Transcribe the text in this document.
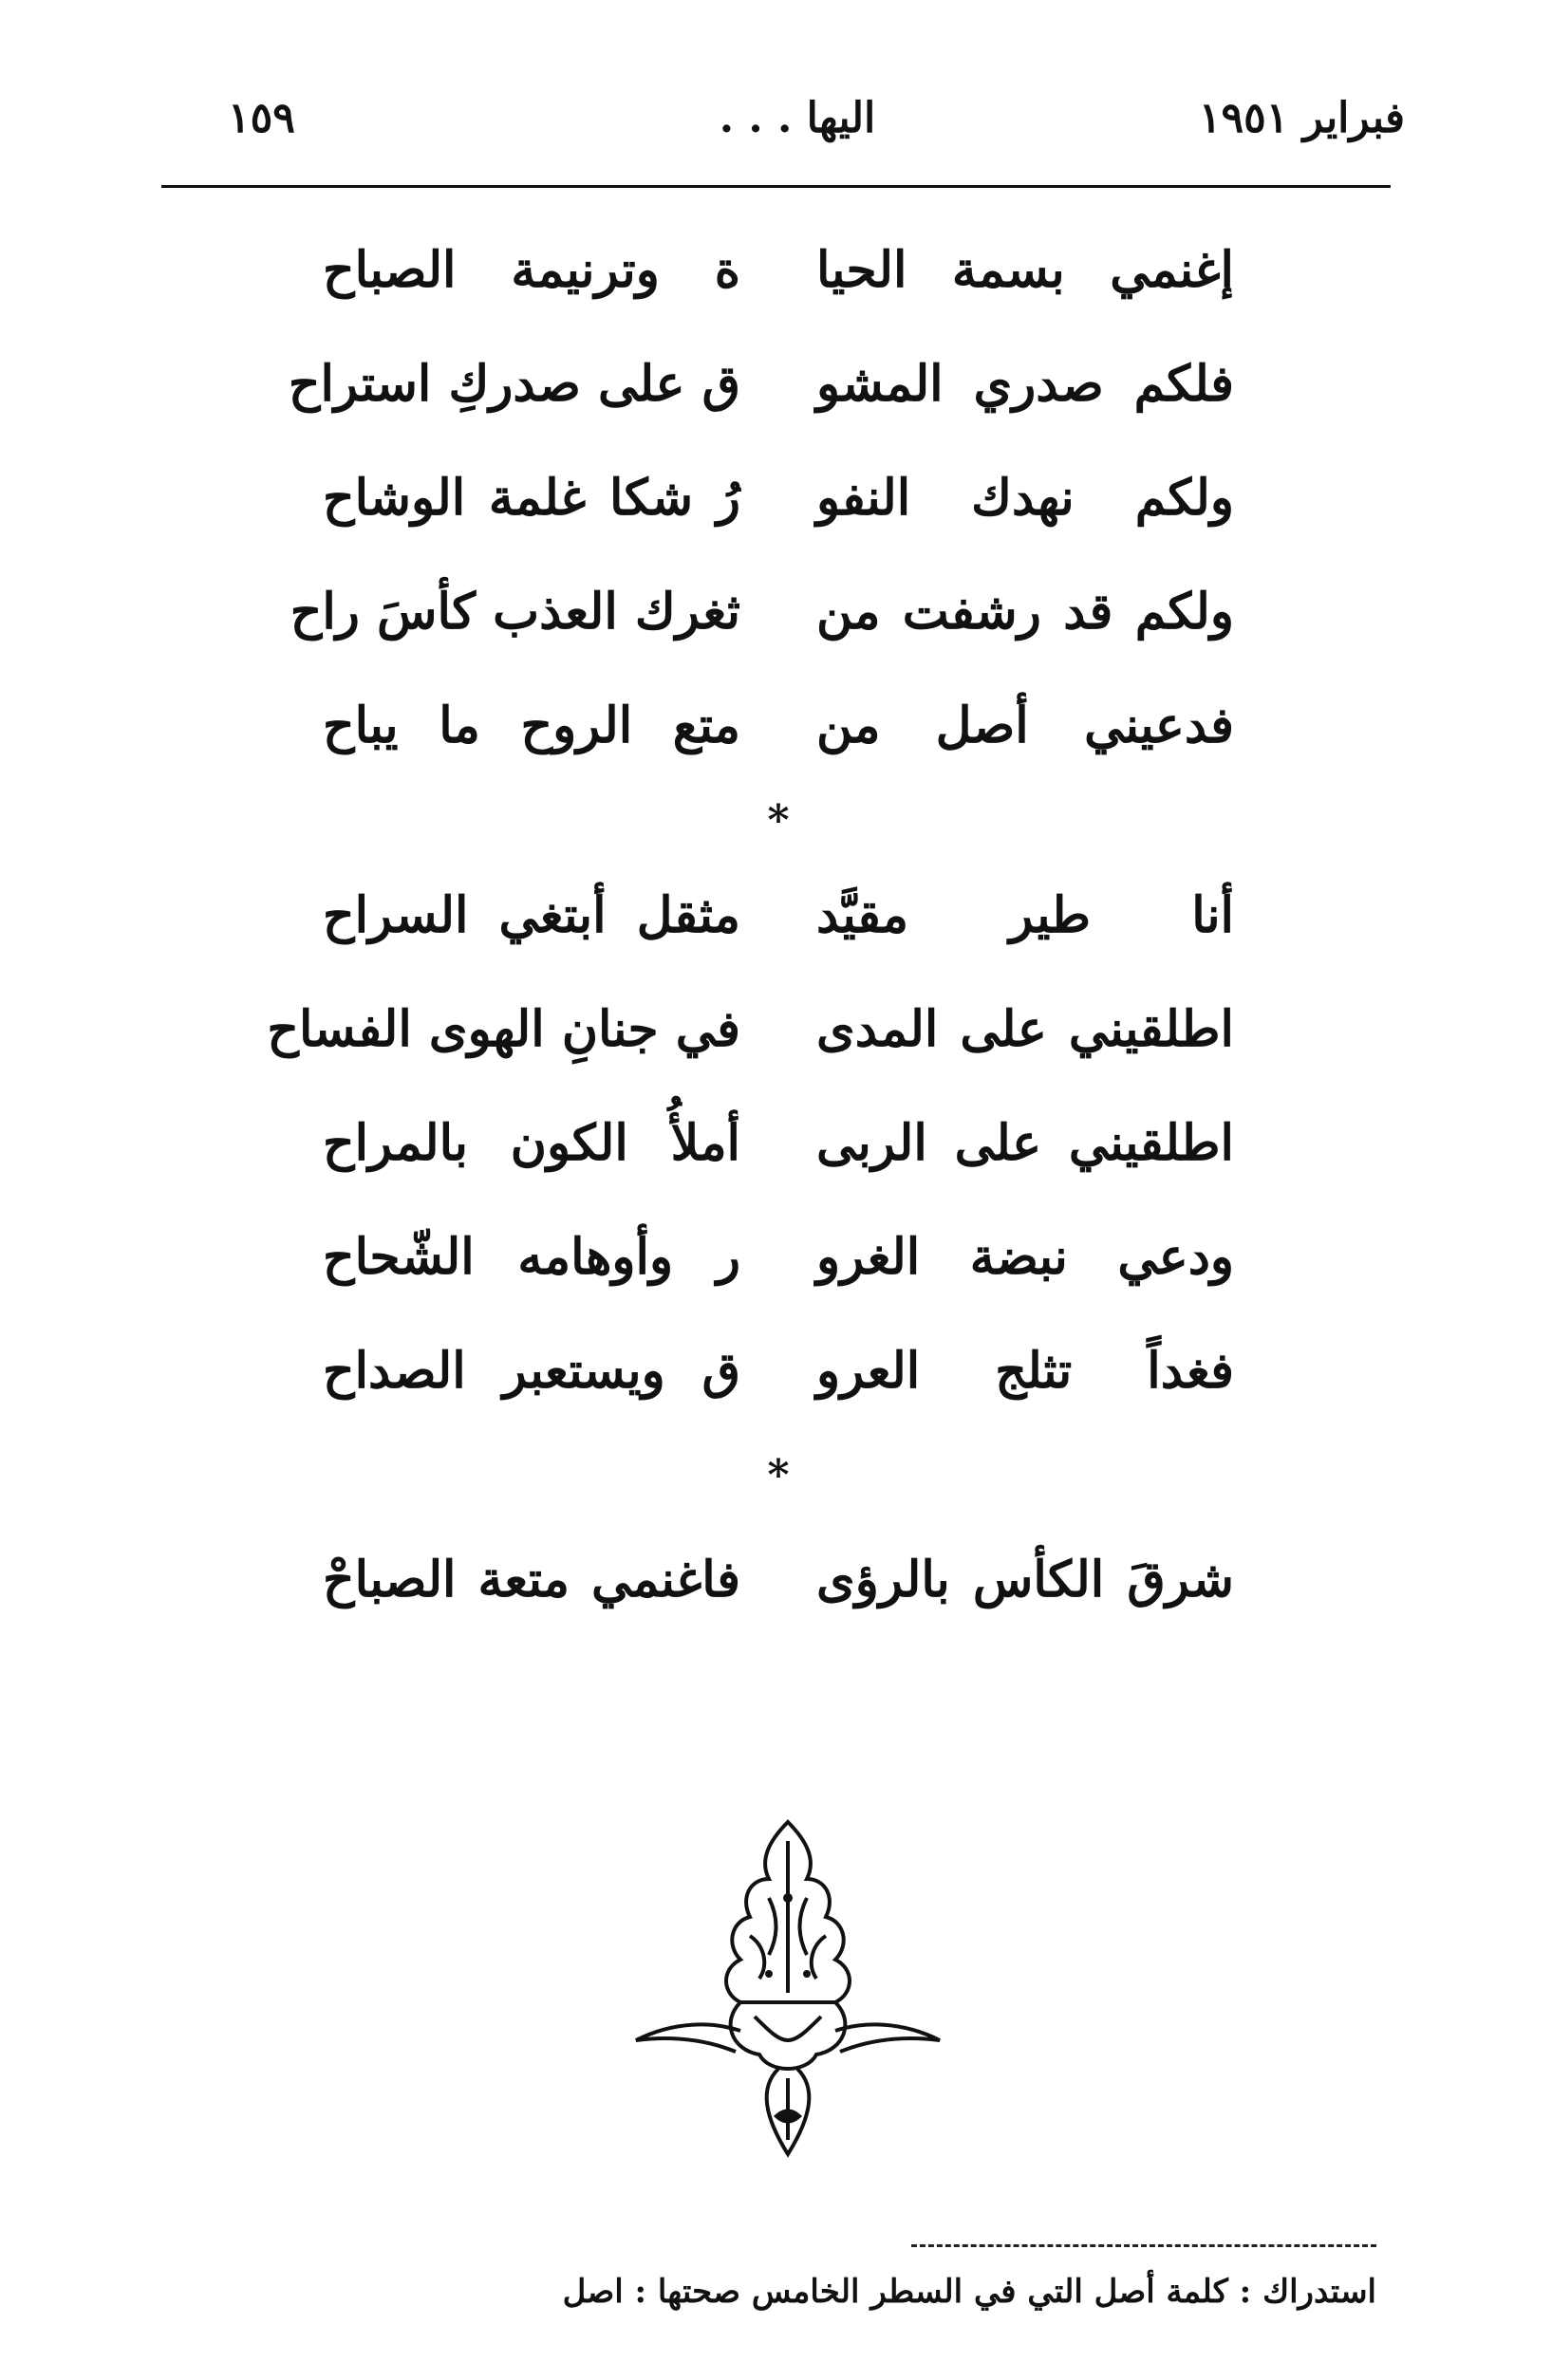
فبراير ١٩٥١
اليها . . .
١٥٩
إغنمي بسمة الحيا
ة وترنيمة الصباح
فلكم صدري المشو
ق على صدركِ استراح
ولكم نهدك النفو
رُ شكا غلمة الوشاح
ولكم قد رشفت من
ثغرك العذب كأسَ راح
فدعيني أصل من
متع الروح ما يباح
*
أنا طير مقيَّد
مثقل أبتغي السراح
اطلقيني على المدى
في جنانِ الهوى الفساح
اطلقيني على الربى
أملأُ الكون بالمراح
ودعي نبضة الغرو
ر وأوهامه الشّحاح
فغداً تثلج العرو
ق ويستعبر الصداح
*
شرقَ الكأس بالرؤى
فاغنمي متعة الصباحْ
استدراك : كلمة أصل التي في السطر الخامس صحتها : اصل
